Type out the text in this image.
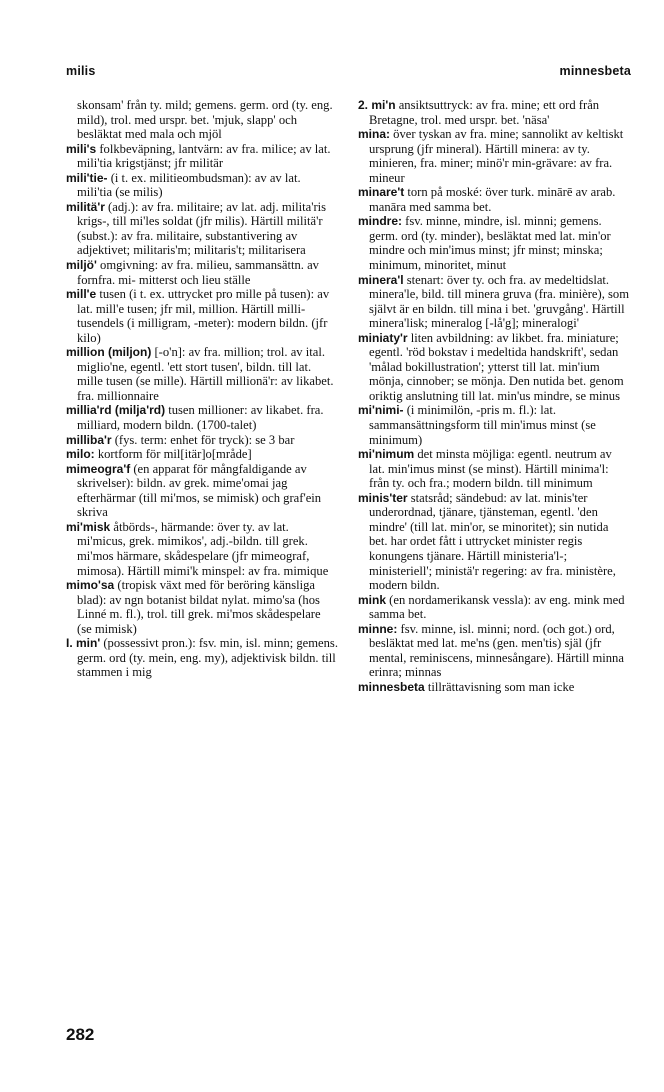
milis	minnesbeta

skonsam' från ty. mild; gemens. germ. ord (ty. eng. mild), trol. med urspr. bet. 'mjuk, slapp' och besläktat med mala och mjöl

mili's folkbeväpning, lantvärn: av fra. milice; av lat. mili'tia krigstjänst; jfr militär

mili'tie- (i t. ex. militieombudsman): av av lat. mili'tia (se milis)

militä'r (adj.): av fra. militaire; av lat. adj. milita'ris krigs-, till mi'les soldat (jfr milis). Härtill militä'r (subst.): av fra. militaire, substantivering av adjektivet; militaris'm; militaris't; militarisera

miljö' omgivning: av fra. milieu, sammansättn. av fornfra. mi- mitterst och lieu ställe

mill'e tusen (i t. ex. uttrycket pro mille på tusen): av lat. mill'e tusen; jfr mil, million. Härtill milli- tusendels (i milligram, -meter): modern bildn. (jfr kilo)

million (miljon) [-o'n]: av fra. million; trol. av ital. miglio'ne, egentl. 'ett stort tusen', bildn. till lat. mille tusen (se mille). Härtill millionä'r: av likabet. fra. millionnaire

millia'rd (milja'rd) tusen millioner: av likabet. fra. milliard, modern bildn. (1700-talet)

milliba'r (fys. term: enhet för tryck): se 3 bar

milo: kortform för mil[itär]o[mråde]

mimeogra'f (en apparat för mångfaldigande av skrivelser): bildn. av grek. mime'omai jag efterhärmar (till mi'mos, se mimisk) och graf'ein skriva

mi'misk åtbörds-, härmande: över ty. av lat. mi'micus, grek. mimikos', adj.-bildn. till grek. mi'mos härmare, skådespelare (jfr mimeograf, mimosa). Härtill mimi'k minspel: av fra. mimique

mimo'sa (tropisk växt med för beröring känsliga blad): av ngn botanist bildat nylat. mimo'sa (hos Linné m. fl.), trol. till grek. mi'mos skådespelare (se mimisk)

I. min' (possessivt pron.): fsv. min, isl. minn; gemens. germ. ord (ty. mein, eng. my), adjektivisk bildn. till stammen i mig

2. mi'n ansiktsuttryck: av fra. mine; ett ord från Bretagne, trol. med urspr. bet. 'näsa'

mina: över tyskan av fra. mine; sannolikt av keltiskt ursprung (jfr mineral). Härtill minera: av ty. minieren, fra. miner; minö'r min-grävare: av fra. mineur

minare't torn på moské: över turk. minārē av arab. manāra med samma bet.

mindre: fsv. minne, mindre, isl. minni; gemens. germ. ord (ty. minder), besläktat med lat. min'or mindre och min'imus minst; jfr minst; minska; minimum, minoritet, minut

minera'l stenart: över ty. och fra. av medeltidslat. minera'le, bild. till minera gruva (fra. minière), som självt är en bildn. till mina i bet. 'gruvgång'. Härtill minera'lisk; mineralog [-lå'g]; mineralogi'

miniaty'r liten avbildning: av likbet. fra. miniature; egentl. 'röd bokstav i medeltida handskrift', sedan 'målad bokillustration'; ytterst till lat. min'ium mönja, cinnober; se mönja. Den nutida bet. genom oriktig anslutning till lat. min'us mindre, se minus

mi'nimi- (i minimilön, -pris m. fl.): lat. sammansättningsform till min'imus minst (se minimum)

mi'nimum det minsta möjliga: egentl. neutrum av lat. min'imus minst (se minst). Härtill minima'l: från ty. och fra.; modern bildn. till minimum

minis'ter statsråd; sändebud: av lat. minis'ter underordnad, tjänare, tjänsteman, egentl. 'den mindre' (till lat. min'or, se minoritet); sin nutida bet. har ordet fått i uttrycket minister regis konungens tjänare. Härtill ministeria'l-; ministeriell'; ministä'r regering: av fra. ministère, modern bildn.

mink (en nordamerikansk vessla): av eng. mink med samma bet.

minne: fsv. minne, isl. minni; nord. (och got.) ord, besläktat med lat. me'ns (gen. men'tis) själ (jfr mental, reminiscens, minnesångare). Härtill minna erinra; minnas

minnesbeta tillrättavisning som man icke

282
